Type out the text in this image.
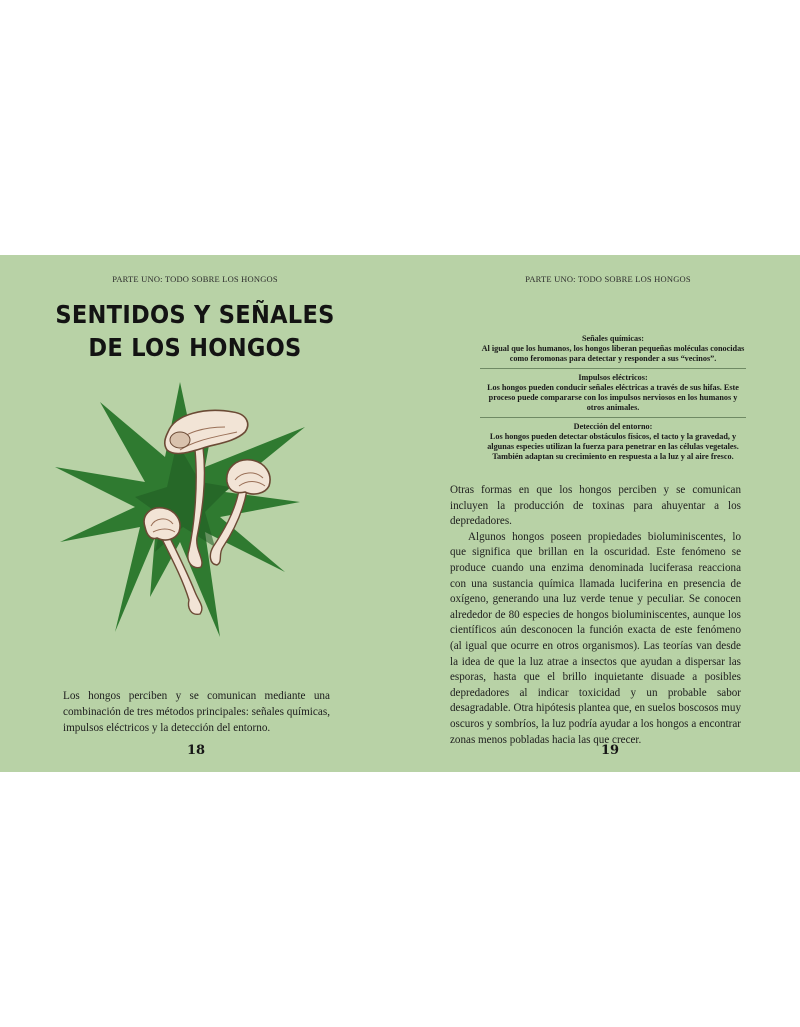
PARTE UNO: TODO SOBRE LOS HONGOS
SENTIDOS Y SEÑALES
DE LOS HONGOS
Los hongos perciben y se comunican mediante una combinación de tres métodos principales: señales químicas, impulsos eléctricos y la detección del entorno.
18
PARTE UNO: TODO SOBRE LOS HONGOS
Señales químicas:
Al igual que los humanos, los hongos liberan pequeñas moléculas conocidas como feromonas para detectar y responder a sus “vecinos”.
Impulsos eléctricos:
Los hongos pueden conducir señales eléctricas a través de sus hifas. Este proceso puede compararse con los impulsos nerviosos en los humanos y otros animales.
Detección del entorno:
Los hongos pueden detectar obstáculos físicos, el tacto y la gravedad, y algunas especies utilizan la fuerza para penetrar en las células vegetales. También adaptan su crecimiento en respuesta a la luz y al aire fresco.

Otras formas en que los hongos perciben y se comunican incluyen la producción de toxinas para ahuyentar a los depredadores.

Algunos hongos poseen propiedades bioluminiscentes, lo que significa que brillan en la oscuridad. Este fenómeno se produce cuando una enzima denominada luciferasa reacciona con una sustancia química llamada luciferina en presencia de oxígeno, generando una luz verde tenue y peculiar. Se conocen alrededor de 80 especies de hongos bioluminiscentes, aunque los científicos aún desconocen la función exacta de este fenómeno (al igual que ocurre en otros organismos). Las teorías van desde la idea de que la luz atrae a insectos que ayudan a dispersar las esporas, hasta que el brillo inquietante disuade a posibles depredadores al indicar toxicidad y un probable sabor desagradable. Otra hipótesis plantea que, en suelos boscosos muy oscuros y sombríos, la luz podría ayudar a los hongos a encontrar zonas menos pobladas hacia las que crecer.

19
